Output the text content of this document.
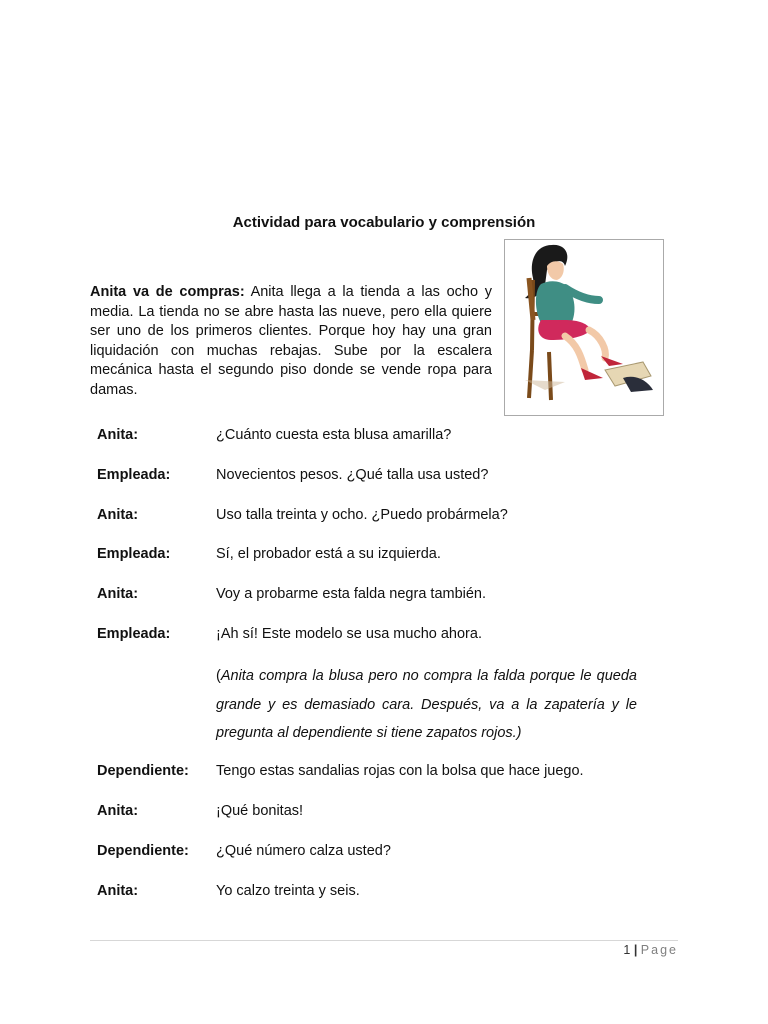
Actividad para vocabulario y comprensión
Anita va de compras: Anita llega a la tienda a las ocho y media. La tienda no se abre hasta las nueve, pero ella quiere ser uno de los primeros clientes. Porque hoy hay una gran liquidación con muchas rebajas. Sube por la escalera mecánica hasta el segundo piso donde se vende ropa para damas.
Anita:	¿Cuánto cuesta esta blusa amarilla?
Empleada:	Novecientos pesos. ¿Qué talla usa usted?
Anita:	Uso talla treinta y ocho. ¿Puedo probármela?
Empleada:	Sí, el probador está a su izquierda.
Anita:	Voy a probarme esta falda negra también.
Empleada:	¡Ah sí! Este modelo se usa mucho ahora.
(Anita compra la blusa pero no compra la falda porque le queda grande y es demasiado cara. Después, va a la zapatería y le pregunta al dependiente si tiene zapatos rojos.)
Dependiente: Tengo estas sandalias rojas con la bolsa que hace juego.
Anita:	¡Qué bonitas!
Dependiente: ¿Qué número calza usted?
Anita:	Yo calzo treinta y seis.
1 | Page
